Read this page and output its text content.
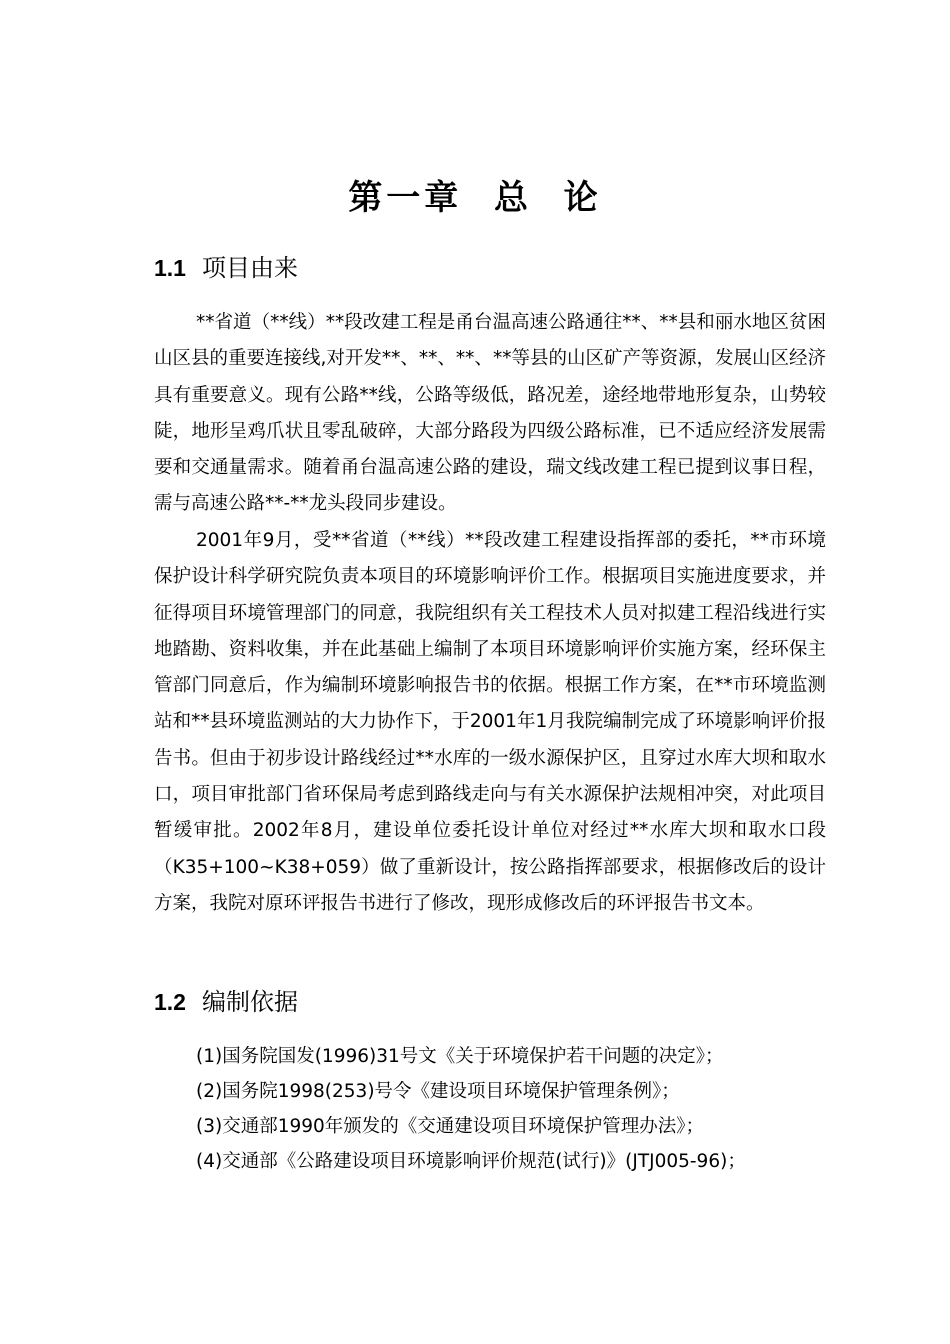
第一章  总  论
1.1 项目由来

**省道（**线）**段改建工程是甬台温高速公路通往**、**县和丽水地区贫困山区县的重要连接线,对开发**、**、**、**等县的山区矿产等资源，发展山区经济具有重要意义。现有公路**线，公路等级低，路况差，途经地带地形复杂，山势较陡，地形呈鸡爪状且零乱破碎，大部分路段为四级公路标准，已不适应经济发展需要和交通量需求。随着甬台温高速公路的建设，瑞文线改建工程已提到议事日程，需与高速公路**-**龙头段同步建设。

2001年9月，受**省道（**线）**段改建工程建设指挥部的委托，**市环境保护设计科学研究院负责本项目的环境影响评价工作。根据项目实施进度要求，并征得项目环境管理部门的同意，我院组织有关工程技术人员对拟建工程沿线进行实地踏勘、资料收集，并在此基础上编制了本项目环境影响评价实施方案，经环保主管部门同意后，作为编制环境影响报告书的依据。根据工作方案，在**市环境监测站和**县环境监测站的大力协作下，于2001年1月我院编制完成了环境影响评价报告书。但由于初步设计路线经过**水库的一级水源保护区，且穿过水库大坝和取水口，项目审批部门省环保局考虑到路线走向与有关水源保护法规相冲突，对此项目暂缓审批。2002年8月，建设单位委托设计单位对经过**水库大坝和取水口段（K35+100~K38+059）做了重新设计，按公路指挥部要求，根据修改后的设计方案，我院对原环评报告书进行了修改，现形成修改后的环评报告书文本。

1.2 编制依据
(1)国务院国发(1996)31号文《关于环境保护若干问题的决定》；
(2)国务院1998(253)号令《建设项目环境保护管理条例》；
(3)交通部1990年颁发的《交通建设项目环境保护管理办法》；
(4)交通部《公路建设项目环境影响评价规范(试行)》(JTJ005-96)；
